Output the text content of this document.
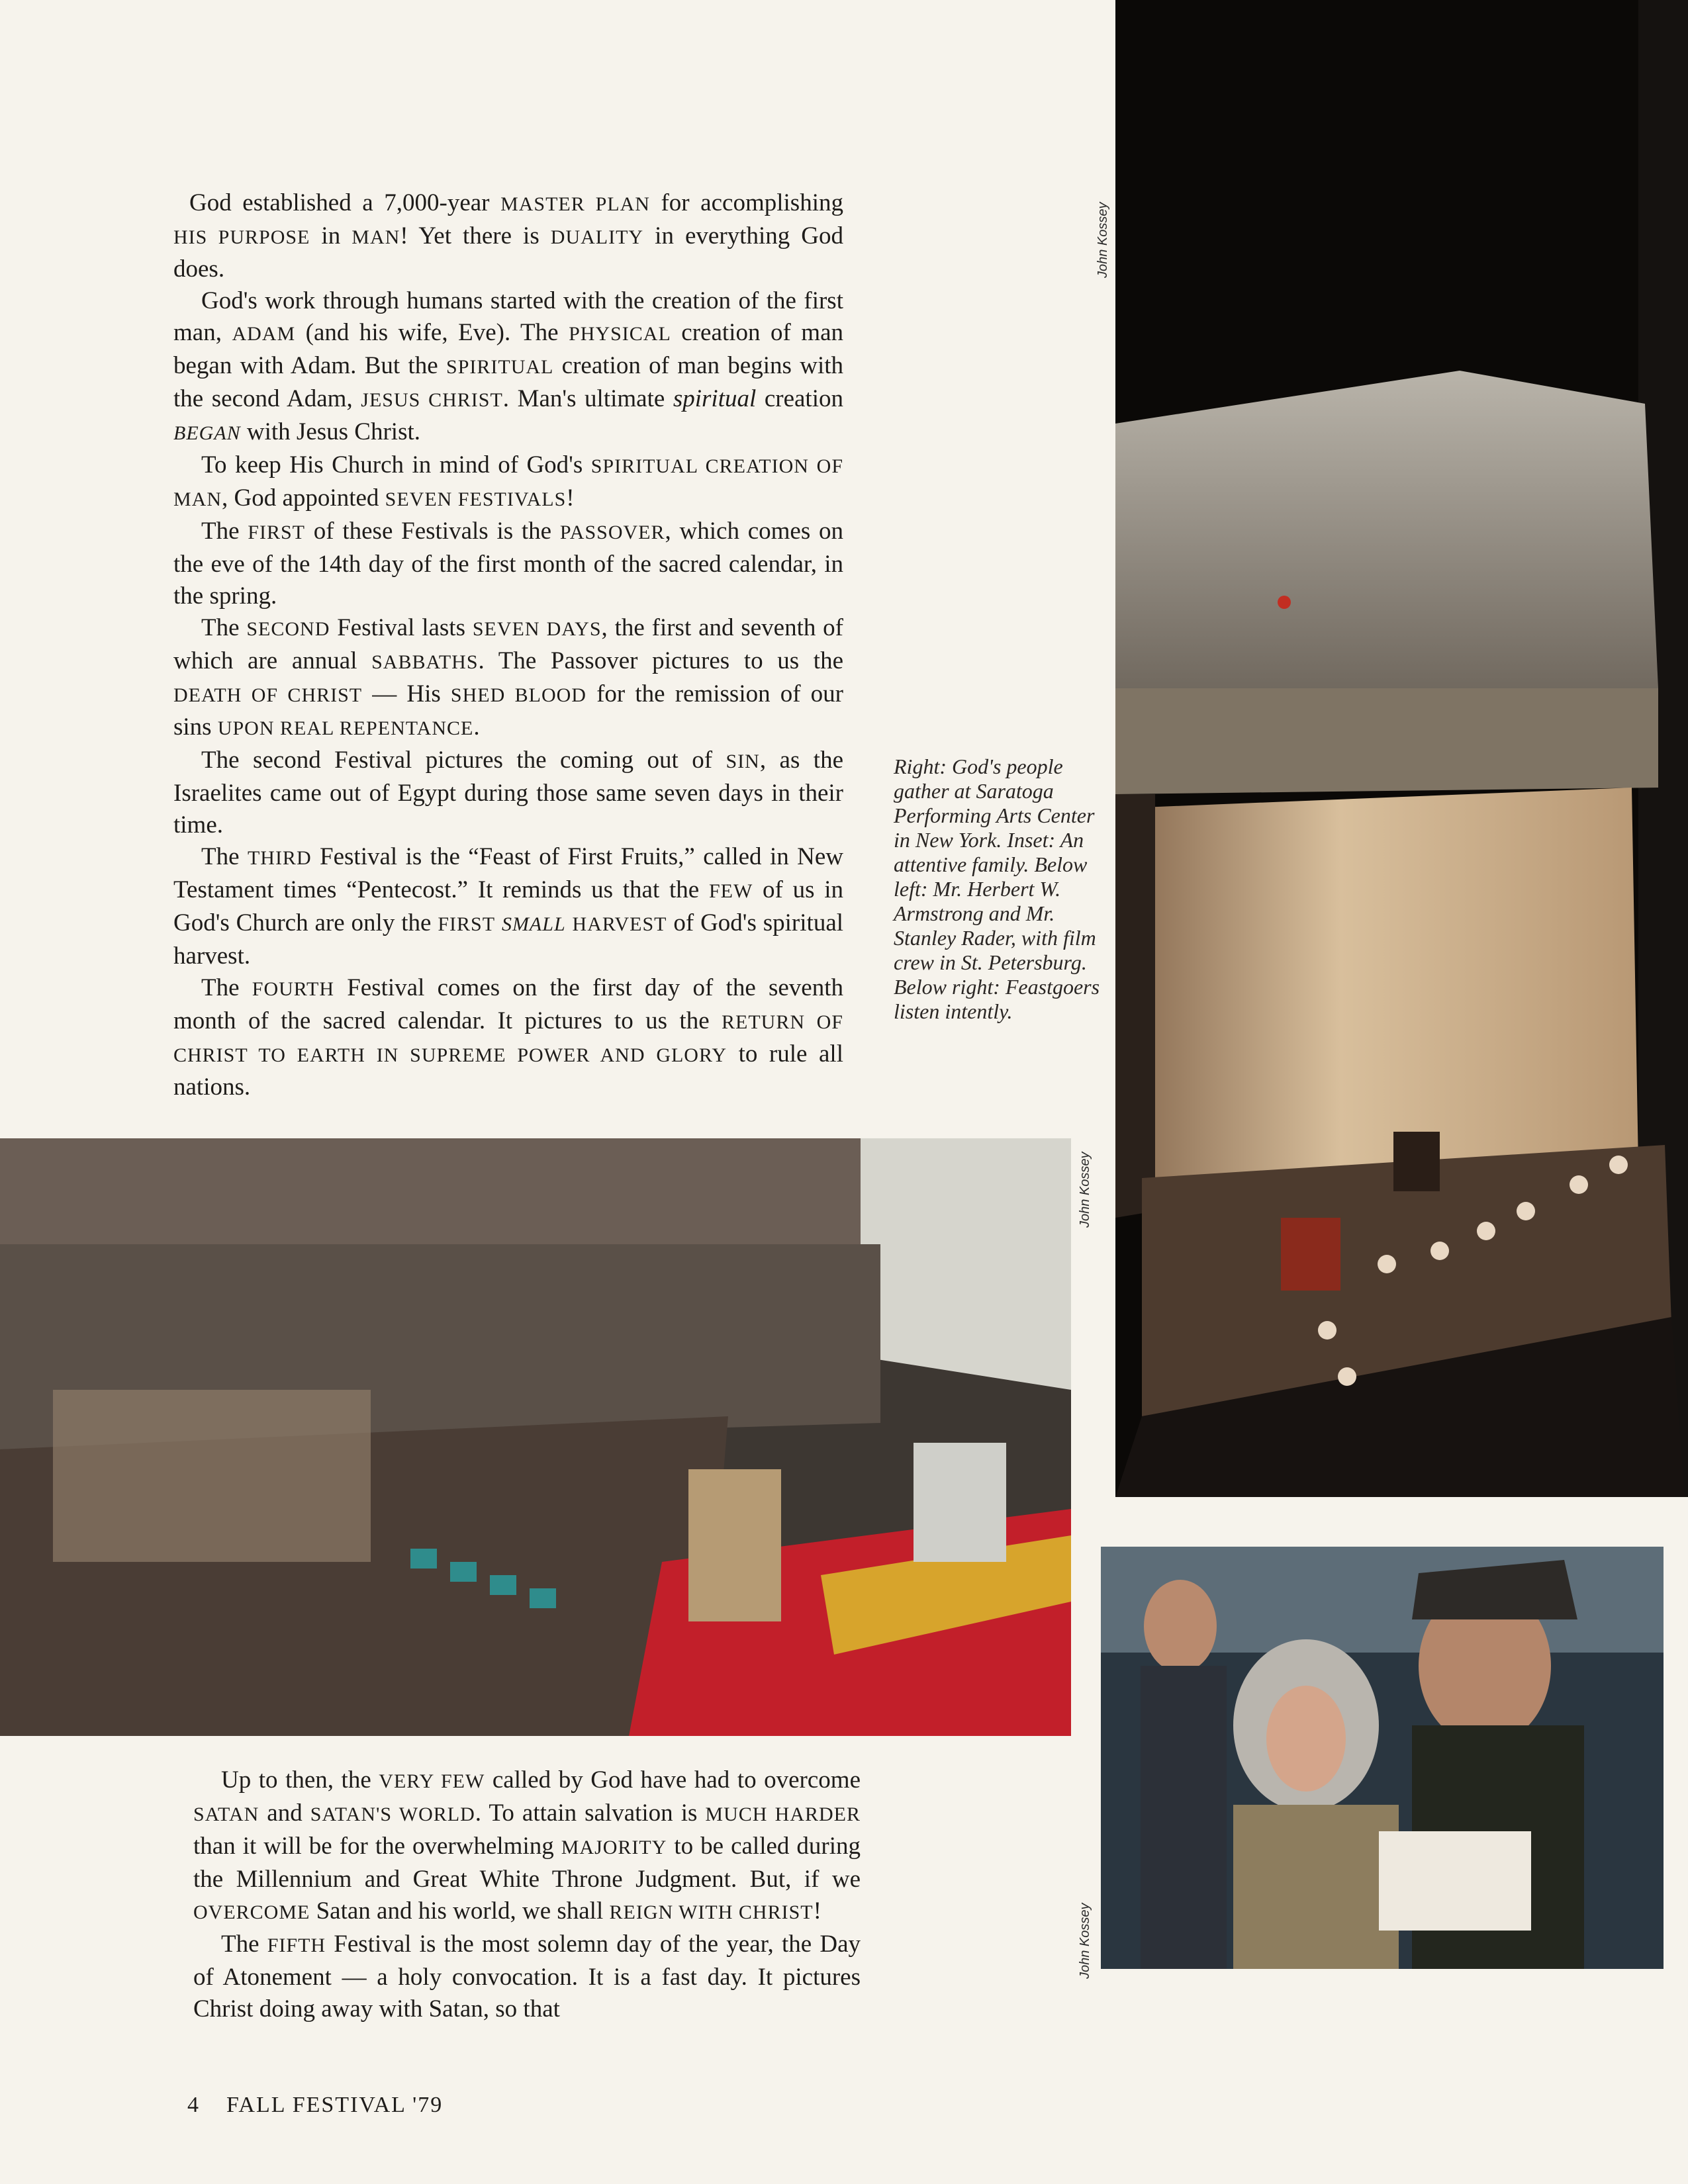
God established a 7,000-year MASTER PLAN for accomplishing HIS PURPOSE in MAN! Yet there is DUALITY in everything God does.

God's work through humans started with the creation of the first man, ADAM (and his wife, Eve). The PHYSICAL creation of man began with Adam. But the SPIRITUAL creation of man begins with the second Adam, JESUS CHRIST. Man's ultimate spiritual creation BEGAN with Jesus Christ.

To keep His Church in mind of God's SPIRITUAL CREATION OF MAN, God appointed SEVEN FESTIVALS!

The FIRST of these Festivals is the PASSOVER, which comes on the eve of the 14th day of the first month of the sacred calendar, in the spring.

The SECOND Festival lasts SEVEN DAYS, the first and seventh of which are annual SABBATHS. The Passover pictures to us the DEATH OF CHRIST — His SHED BLOOD for the remission of our sins UPON REAL REPENTANCE.

The second Festival pictures the coming out of SIN, as the Israelites came out of Egypt during those same seven days in their time.

The THIRD Festival is the “Feast of First Fruits,” called in New Testament times “Pentecost.” It reminds us that the FEW of us in God's Church are only the FIRST SMALL HARVEST of God's spiritual harvest.

The FOURTH Festival comes on the first day of the seventh month of the sacred calendar. It pictures to us the RETURN OF CHRIST TO EARTH IN SUPREME POWER AND GLORY to rule all nations.

Right: God's people gather at Saratoga Performing Arts Center in New York. Inset: An attentive family. Below left: Mr. Herbert W. Armstrong and Mr. Stanley Rader, with film crew in St. Petersburg. Below right: Feastgoers listen intently.
John Kossey
John Kossey
John Kossey

Up to then, the VERY FEW called by God have had to overcome SATAN and SATAN'S WORLD. To attain salvation is MUCH HARDER than it will be for the overwhelming MAJORITY to be called during the Millennium and Great White Throne Judgment. But, if we OVERCOME Satan and his world, we shall REIGN WITH CHRIST!

The FIFTH Festival is the most solemn day of the year, the Day of Atonement — a holy convocation. It is a fast day. It pictures Christ doing away with Satan, so that

4 FALL FESTIVAL '79
